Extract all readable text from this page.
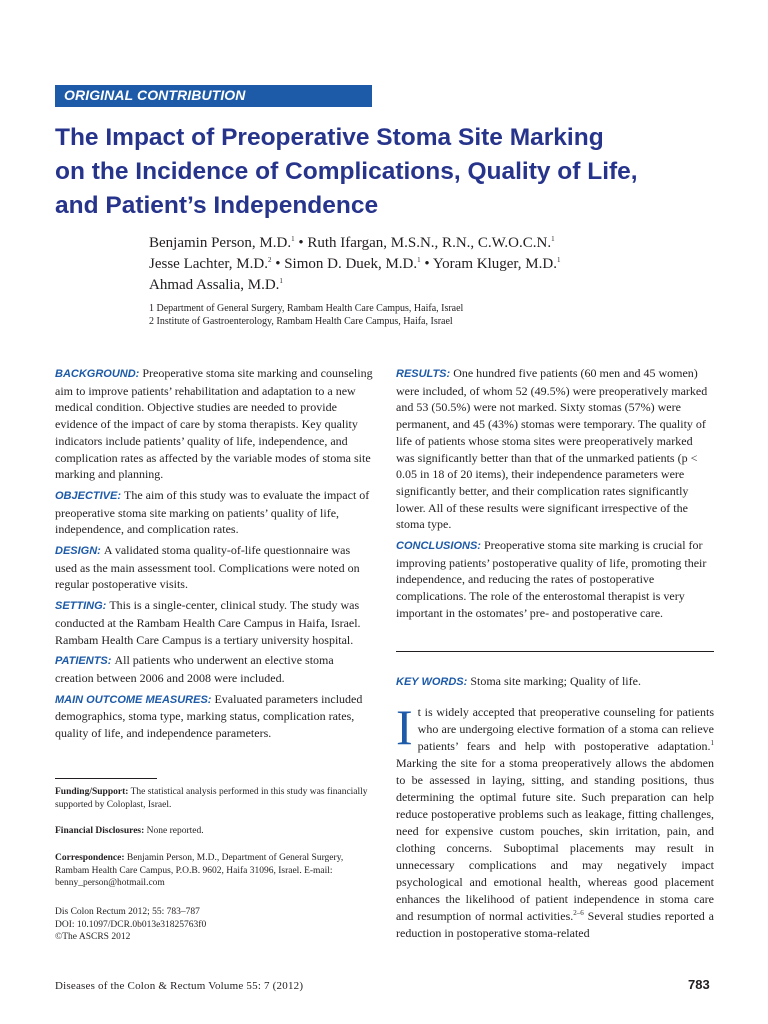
ORIGINAL CONTRIBUTION
The Impact of Preoperative Stoma Site Marking
on the Incidence of Complications, Quality of Life,
and Patient’s Independence
Benjamin Person, M.D.$^1$ • Ruth Ifargan, M.S.N., R.N., C.W.O.C.N.$^1$
Jesse Lachter, M.D.$^2$ • Simon D. Duek, M.D.$^1$ • Yoram Kluger, M.D.$^1$
Ahmad Assalia, M.D.$^1$
1 Department of General Surgery, Rambam Health Care Campus, Haifa, Israel
2 Institute of Gastroenterology, Rambam Health Care Campus, Haifa, Israel

BACKGROUND: Preoperative stoma site marking and counseling aim to improve patients’ rehabilitation and adaptation to a new medical condition. Objective studies are needed to provide evidence of the impact of care by stoma therapists. Key quality indicators include patients’ quality of life, independence, and complication rates as affected by the variable modes of stoma site marking and planning.

OBJECTIVE: The aim of this study was to evaluate the impact of preoperative stoma site marking on patients’ quality of life, independence, and complication rates.

DESIGN: A validated stoma quality-of-life questionnaire was used as the main assessment tool. Complications were noted on regular postoperative visits.

SETTING: This is a single-center, clinical study. The study was conducted at the Rambam Health Care Campus in Haifa, Israel. Rambam Health Care Campus is a tertiary university hospital.

PATIENTS: All patients who underwent an elective stoma creation between 2006 and 2008 were included.

MAIN OUTCOME MEASURES: Evaluated parameters included demographics, stoma type, marking status, complication rates, quality of life, and independence parameters.

RESULTS: One hundred five patients (60 men and 45 women) were included, of whom 52 (49.5%) were preoperatively marked and 53 (50.5%) were not marked. Sixty stomas (57%) were permanent, and 45 (43%) stomas were temporary. The quality of life of patients whose stoma sites were preoperatively marked was significantly better than that of the unmarked patients (p < 0.05 in 18 of 20 items), their independence parameters were significantly better, and their complication rates significantly lower. All of these results were significant irrespective of the stoma type.

CONCLUSIONS: Preoperative stoma site marking is crucial for improving patients’ postoperative quality of life, promoting their independence, and reducing the rates of postoperative complications. The role of the enterostomal therapist is very important in the ostomates’ pre- and postoperative care.

KEY WORDS: Stoma site marking; Quality of life.

Funding/Support: The statistical analysis performed in this study was financially supported by Coloplast, Israel.

Financial Disclosures: None reported.

Correspondence: Benjamin Person, M.D., Department of General Surgery, Rambam Health Care Campus, P.O.B. 9602, Haifa 31096, Israel. E-mail: benny_person@hotmail.com

Dis Colon Rectum 2012; 55: 783–787
DOI: 10.1097/DCR.0b013e31825763f0
©The ASCRS 2012

It is widely accepted that preoperative counseling for patients who are undergoing elective formation of a stoma can relieve patients’ fears and help with postoperative adaptation.$^1$ Marking the site for a stoma preoperatively allows the abdomen to be assessed in laying, sitting, and standing positions, thus determining the optimal future site. Such preparation can help reduce postoperative problems such as leakage, fitting challenges, need for expensive custom pouches, skin irritation, pain, and clothing concerns. Suboptimal placements may result in unnecessary complications and may negatively impact psychological and emotional health, whereas good placement enhances the likelihood of patient independence in stoma care and resumption of normal activities.$^{2-6}$ Several studies reported a reduction in postoperative stoma-related

Diseases of the Colon & Rectum Volume 55: 7 (2012)	783
